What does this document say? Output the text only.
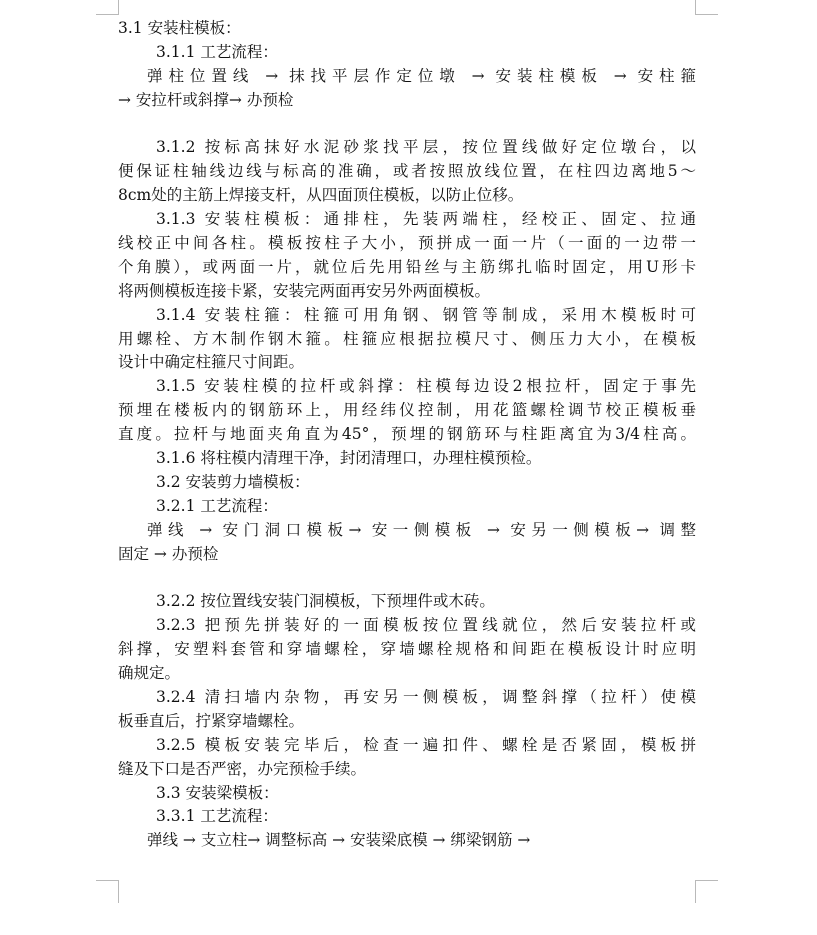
3.1 安装柱模板：
3.1.1 工艺流程：
弹柱位置线 → 抹找平层作定位墩 → 安装柱模板 → 安柱箍
→ 安拉杆或斜撑→ 办预检
3.1.2 按标高抹好水泥砂浆找平层，按位置线做好定位墩台，以
便保证柱轴线边线与标高的准确，或者按照放线位置，在柱四边离地5～
8cm处的主筋上焊接支杆，从四面顶住模板，以防止位移。
3.1.3 安装柱模板：通排柱，先装两端柱，经校正、固定、拉通
线校正中间各柱。模板按柱子大小，预拼成一面一片（一面的一边带一
个角膜），或两面一片，就位后先用铅丝与主筋绑扎临时固定，用U形卡
将两侧模板连接卡紧，安装完两面再安另外两面模板。
3.1.4 安装柱箍：柱箍可用角钢、钢管等制成，采用木模板时可
用螺栓、方木制作钢木箍。柱箍应根据拉模尺寸、侧压力大小，在模板
设计中确定柱箍尺寸间距。
3.1.5 安装柱模的拉杆或斜撑：柱模每边设2根拉杆，固定于事先
预埋在楼板内的钢筋环上，用经纬仪控制，用花篮螺栓调节校正模板垂
直度。拉杆与地面夹角直为45°，预埋的钢筋环与柱距离宜为3/4柱高。
3.1.6 将柱模内清理干净，封闭清理口，办理柱模预检。
3.2 安装剪力墙模板：
3.2.1 工艺流程：
弹线 → 安门洞口模板→ 安一侧模板 → 安另一侧模板→ 调整
固定 → 办预检
3.2.2 按位置线安装门洞模板，下预埋件或木砖。
3.2.3 把预先拼装好的一面模板按位置线就位，然后安装拉杆或
斜撑，安塑料套管和穿墙螺栓，穿墙螺栓规格和间距在模板设计时应明
确规定。
3.2.4 清扫墙内杂物，再安另一侧模板，调整斜撑（拉杆）使模
板垂直后，拧紧穿墙螺栓。
3.2.5 模板安装完毕后，检查一遍扣件、螺栓是否紧固，模板拼
缝及下口是否严密，办完预检手续。
3.3 安装梁模板：
3.3.1 工艺流程：
弹线 → 支立柱→ 调整标高 → 安装梁底模 → 绑梁钢筋 →
